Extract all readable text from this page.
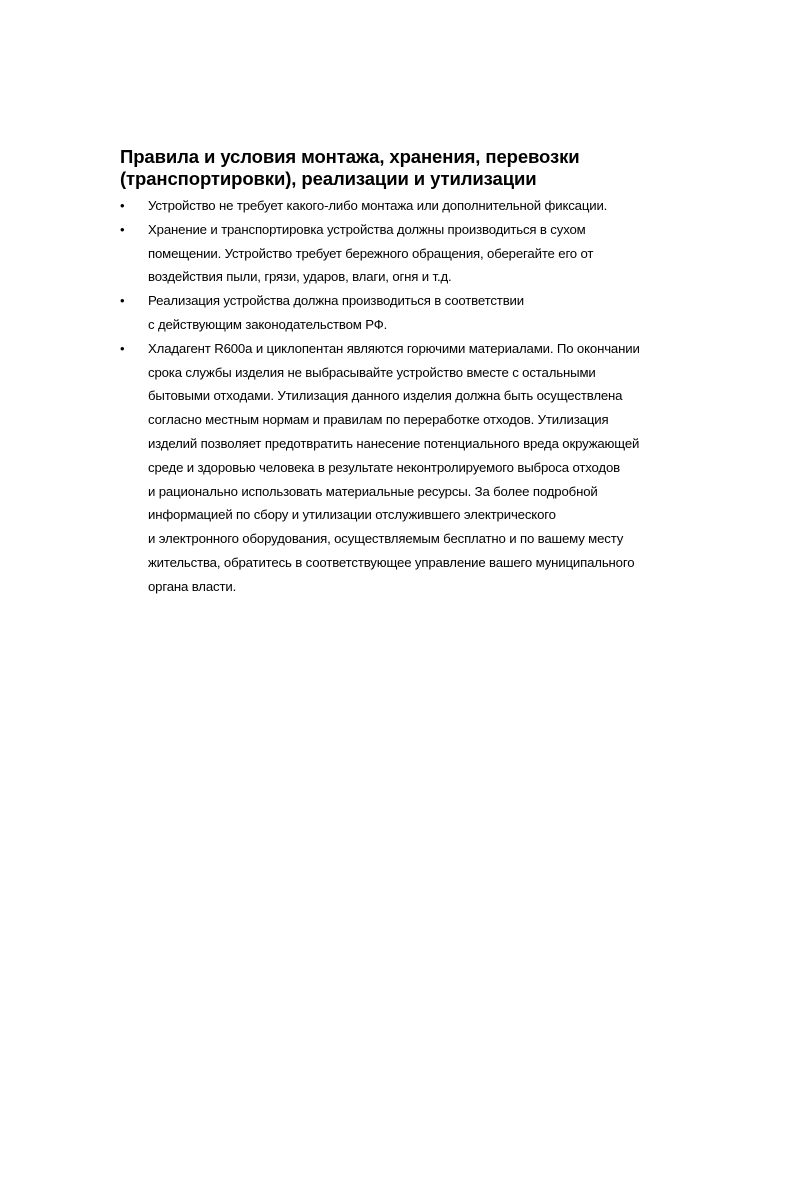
Правила и условия монтажа, хранения, перевозки
(транспортировки), реализации и утилизации
• Устройство не требует какого-либо монтажа или дополнительной фиксации.
• Хранение и транспортировка устройства должны производиться в сухом
помещении. Устройство требует бережного обращения, оберегайте его от
воздействия пыли, грязи, ударов, влаги, огня и т.д.
• Реализация устройства должна производиться в соответствии
с действующим законодательством РФ.
• Хладагент R600a и циклопентан являются горючими материалами. По окончании
срока службы изделия не выбрасывайте устройство вместе с остальными
бытовыми отходами. Утилизация данного изделия должна быть осуществлена
согласно местным нормам и правилам по переработке отходов. Утилизация
изделий позволяет предотвратить нанесение потенциального вреда окружающей
среде и здоровью человека в результате неконтролируемого выброса отходов
и рационально использовать материальные ресурсы. За более подробной
информацией по сбору и утилизации отслужившего электрического
и электронного оборудования, осуществляемым бесплатно и по вашему месту
жительства, обратитесь в соответствующее управление вашего муниципального
органа власти.
